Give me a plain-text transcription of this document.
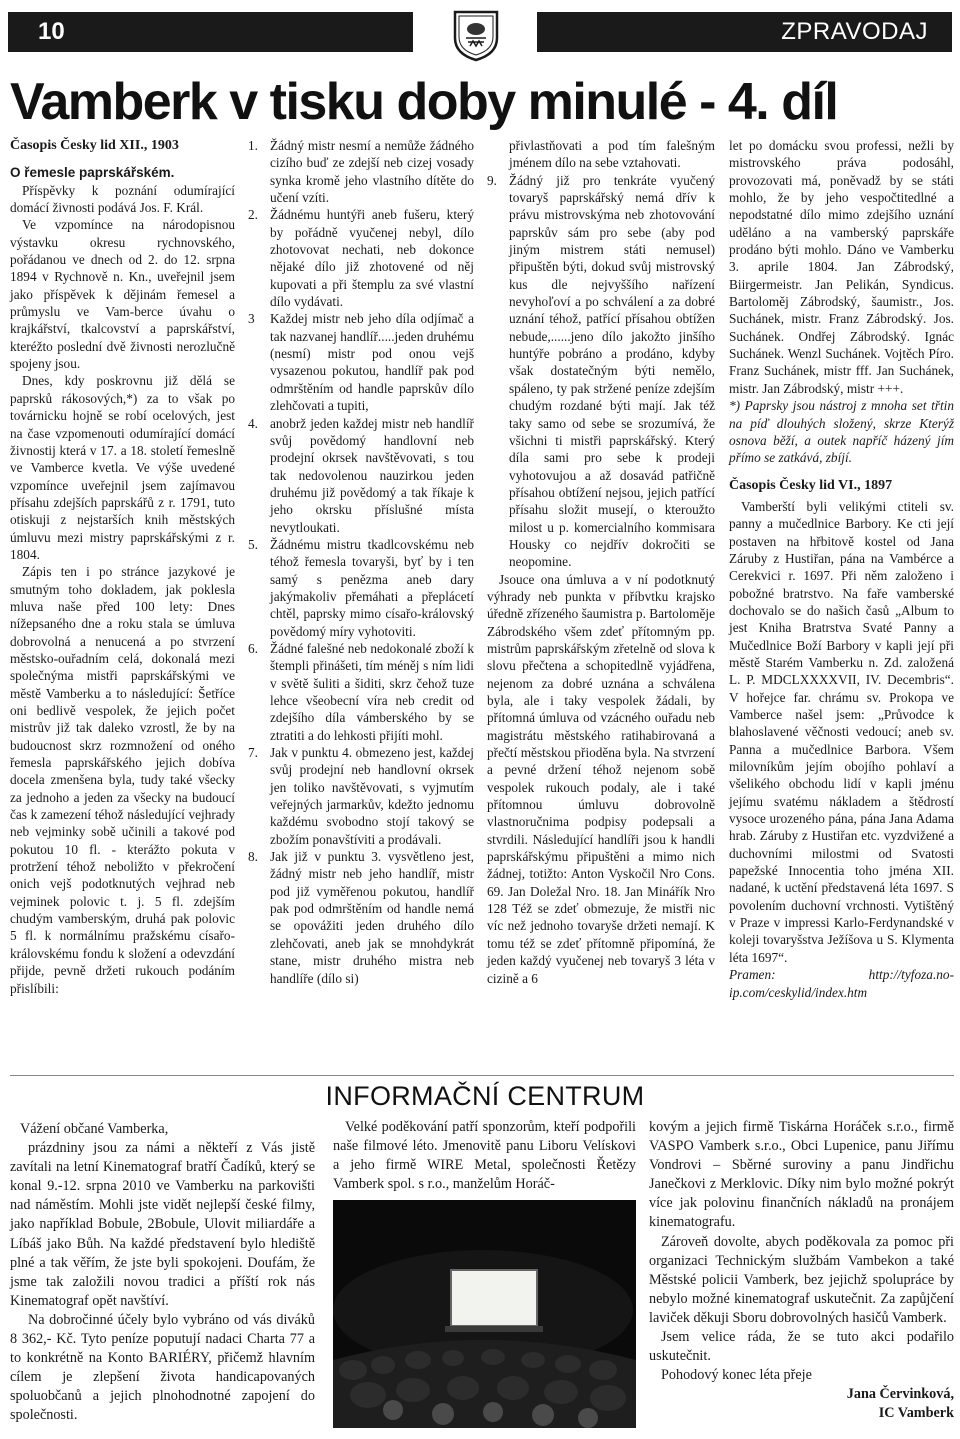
10	ZPRAVODAJ
Vamberk v tisku doby minulé - 4. díl

Časopis Česky lid XII., 1903

O řemesle paprskářském.

Příspěvky k poznání odumírající domácí živnosti podává Jos. F. Král.

Ve vzpomínce na národopisnou výstavku okresu rychnovského, pořádanou ve dnech od 2. do 12. srpna 1894 v Rychnově n. Kn., uveřejnil jsem jako příspěvek k dějinám řemesel a průmyslu ve Vam-berce úvahu o krajkářství, tkalcovství a paprskářství, kteréžto poslední dvě živnosti nerozlučně spojeny jsou.

Dnes, kdy poskrovnu již dělá se paprsků rákosových,*) za to však po továrnicku hojně se robí ocelových, jest na čase vzpomenouti odumírající domácí živnostij která v 17. a 18. století řemeslně ve Vamberce kvetla. Ve výše uvedené vzpomínce uveřejnil jsem zajímavou přísahu zdejších paprskářů z r. 1791, tuto otiskuji z nejstarších knih městských úmluvu mezi mistry paprskářskými z r. 1804.

Zápis ten i po stránce jazykové je smutným toho dokladem, jak poklesla mluva naše před 100 lety: Dnes nížepsaného dne a roku stala se úmluva dobrovolná a nenucená a po stvrzení městsko-ouřadním celá, dokonalá mezi společnýma mistři paprskářskými ve městě Vamberku a to následující: Šetříce oni bedlivě vespolek, že jejich počet mistrův již tak daleko vzrostl, že by na budoucnost skrz rozmnožení od oného řemesla paprskářského jejich dobíva docela zmenšena byla, tudy také všecky za jednoho a jeden za všecky na budoucí čas k zamezení téhož následující vejhrady neb vejminky sobě učinili a takové pod pokutou 10 fl. - kterážto pokuta v protržení téhož neboližto v překročení onich vejš podotknutých vejhrad neb vejminek polovic t. j. 5 fl. zdejším chudým vamberským, druhá pak polovic 5 fl. k normálnímu pražskému císařo-královskému fondu k složení a odevzdání přijde, pevně držeti rukouch podáním přislíbili:

1. Žádný mistr nesmí a nemůže žádného cizího buď ze zdejší neb cizej vosady synka kromě jeho vlastního dítěte do učení vzíti.
2. Žádnému huntýři aneb fušeru, který by pořádně vyučenej nebyl, dílo zhotovovat nechati, neb dokonce nějaké dílo již zhotovené od něj kupovati a při štemplu za své vlastní dílo vydávati.
3 Každej mistr neb jeho díla odjímač a tak nazvanej handlíř.....jeden druhému (nesmí) mistr pod onou vejš vysazenou pokutou, handlíř pak pod odmrštěním od handle paprskův dílo zlehčovati a tupiti,
4. anobrž jeden každej mistr neb handlíř svůj povědomý handlovní neb prodejní okrsek navštěvovati, s tou tak nedovolenou nauzirkou jeden druhému již povědomý a tak říkaje k jeho okrsku příslušné místa nevytloukati.
5. Žádnému mistru tkadlcovskému neb téhož řemesla tovaryši, byť by i ten samý s penězma aneb dary jakýmakoliv přemáhati a přeplácetí chtěl, paprsky mimo císařo-královský povědomý míry vyhotoviti.
6. Žádné falešné neb nedokonalé zboží k štempli přinášeti, tím méněj s ním lidi v světě šuliti a šiditi, skrz čehož tuze lehce všeobecní víra neb credit od zdejšího díla vámberského by se ztratiti a do lehkosti přijíti mohl.
7. Jak v punktu 4. obmezeno jest, každej svůj prodejní neb handlovní okrsek jen toliko navštěvovati, s vyjmutím veřejných jarmarkův, kdežto jednomu každému svobodno stojí takový se zbožím ponavštíviti a prodávali.
8. Jak již v punktu 3. vysvětleno jest, žádný mistr neb jeho handlíř, mistr pod již vyměřenou pokutou, handlíř pak pod odmrštěním od handle nemá se opovážiti jeden druhého dílo zlehčovati, aneb jak se mnohdykrát stane, mistr druhého mistra neb handlíře (dílo si)

přivlastňovati a pod tím falešným jménem dílo na sebe vztahovati.

9. Žádný již pro tenkráte vyučený tovaryš paprskářský nemá dřív k právu mistrovskýma neb zhotovování paprskův sám pro sebe (aby pod jiným mistrem státi nemusel) připuštěn býti, dokud svůj mistrovský kus dle nejvyššího nařízení nevyhoľoví a po schválení a za dobré uznání téhož, patřící přísahou obtížen nebude,......jeno dílo jakožto jinšího huntýře pobráno a prodáno, kdyby však dostatečným býti nemělo, spáleno, ty pak stržené peníze zdejším chudým rozdané býti mají. Jak též taky samo od sebe se srozumívá, že všichni ti mistři paprskářský. Který díla sami pro sebe k prodeji vyhotovujou a až dosavád patřičně přísahou obtížení nejsou, jejich patřící přísahu složit musejí, o kteroužto milost u p. komercialního kommisara Housky co nejdřív dokročiti se neopomine.

Jsouce ona úmluva a v ní podotknutý výhrady neb punkta v příbvtku krajsko úředně zřízeného šaumistra p. Bartoloměje Zábrodského všem zdeť přítomným pp. mistrům paprskářským zřetelně od slova k slovu přečtena a schopitedlně vyjádřena, nejenom za dobré uznána a schválena byla, ale i taky vespolek žádali, by přítomná úmluva od vzácného ouřadu neb magistrátu městského ratihabirovaná a přečtí městskou přioděna byla. Na stvrzení a pevné držení téhož nejenom sobě vespolek rukouch podaly, ale i také přítomnou úmluvu dobrovolně vlastnoručnima podpisy podepsali a stvrdili. Následující handlíři jsou k handli paprskářskýmu připuštěni a mimo nich žádnej, totižto: Anton Vyskočil Nro Cons. 69. Jan Doležal Nro. 18. Jan Minářík Nro 128 Též se zdeť obmezuje, že mistři nic víc než jednoho tovaryše držeti nemají. K tomu též se zdeť přítomně připomíná, že jeden každý vyučenej neb tovaryš 3 léta v cizině a 6

let po domácku svou professi, nežli by mistrovského práva podosáhl, provozovati má, poněvadž by se státi mohlo, že by jeho vespočtitedlné a nepodstatné dílo mimo zdejšího uznání uděláno a na vamberský paprskáře prodáno býti mohlo. Dáno ve Vamberku 3. aprile 1804. Jan Zábrodský, Biirgermeistr. Jan Pelikán, Syndicus. Bartoloměj Zábrodský, šaumistr., Jos. Suchánek, mistr. Franz Zábrodský. Jos. Suchánek. Ondřej Zábrodský. Ignác Suchánek. Wenzl Suchánek. Vojtěch Píro. Franz Suchánek, mistr fff. Jan Suchánek, mistr. Jan Zábrodský, mistr +++.

*) Paprsky jsou nástroj z mnoha set třtin na píď dlouhých složený, skrze Kterýž osnova běží, a outek napříč házený jím přímo se zatkává, zbíjí.

Časopis Česky lid VI., 1897

Vamberští byli velikými ctiteli sv. panny a mučedlnice Barbory. Ke cti její postaven na hřbitově kostel od Jana Záruby z Hustiřan, pána na Vambérce a Cerekvici r. 1697. Při něm založeno i pobožné bratrstvo. Na faře vamberské dochovalo se do našich časů „Album to jest Kniha Bratrstva Svaté Panny a Mučedlnice Boží Barbory v kapli její při městě Starém Vamberku n. Zd. založená L. P. MDCLXXXXVII, IV. Decembris“. V hořejce far. chrámu sv. Prokopa ve Vamberce našel jsem: „Průvodce k blahoslavené věčnosti vedoucí; aneb sv. Panna a mučedlnice Barbora. Všem milovníkům jejím obojího pohlaví a všelikého obchodu lidí v kapli jménu jejímu svatému nákladem a štědrostí vysoce urozeného pána, pána Jana Adama hrab. Záruby z Hustiřan etc. vyzdvižené a duchovními milostmi od Svatosti papežské Innocentia toho jména XII. nadané, k uctění představená léta 1697. S povolením duchovní vrchnosti. Vytištěný v Praze v impressi Karlo-Ferdynandské v koleji tovaryšstva Ježíšova u S. Klymenta léta 1697“.

Pramen: http://tyfoza.no-ip.com/ceskylid/index.htm

INFORMAČNÍ CENTRUM

Vážení občané Vamberka,

prázdniny jsou za námi a někteří z Vás jistě zavítali na letní Kinematograf bratří Čadíků, který se konal 9.-12. srpna 2010 ve Vamberku na parkovišti nad náměstím. Mohli jste vidět nejlepší české filmy, jako například Bobule, 2Bobule, Ulovit miliardáře a Líbáš jako Bůh. Na každé představení bylo hlediště plné a tak věřím, že jste byli spokojeni. Doufám, že jsme tak založili novou tradici a příští rok nás Kinematograf opět navštíví.

Na dobročinné účely bylo vybráno od vás diváků 8 362,- Kč. Tyto peníze poputují nadaci Charta 77 a to konkrétně na Konto BARIÉRY, přičemž hlavním cílem je zlepšení života handicapovaných spoluobčanů a jejich plnohodnotné zapojení do společnosti.

Velké poděkování patří sponzorům, kteří podpořili naše filmové léto. Jmenovitě panu Liboru Velískovi a jeho firmě WIRE Metal, společnosti Řetězy Vamberk spol. s r.o., manželům Horáč-

kovým a jejich firmě Tiskárna Horáček s.r.o., firmě VASPO Vamberk s.r.o., Obci Lupenice, panu Jiřímu Vondrovi – Sběrné suroviny a panu Jindřichu Janečkovi z Merklovic. Díky nim bylo možné pokrýt více jak polovinu finančních nákladů na pronájem kinematografu.

Zároveň dovolte, abych poděkovala za pomoc při organizaci Technickým službám Vambekon a také Městské policii Vamberk, bez jejichž spolupráce by nebylo možné kinematograf uskutečnit. Za zapůjčení laviček děkuji Sboru dobrovolných hasičů Vamberk.

Jsem velice ráda, že se tuto akci podařilo uskutečnit.

Pohodový konec léta přeje

Jana Červinková,

IC Vamberk
